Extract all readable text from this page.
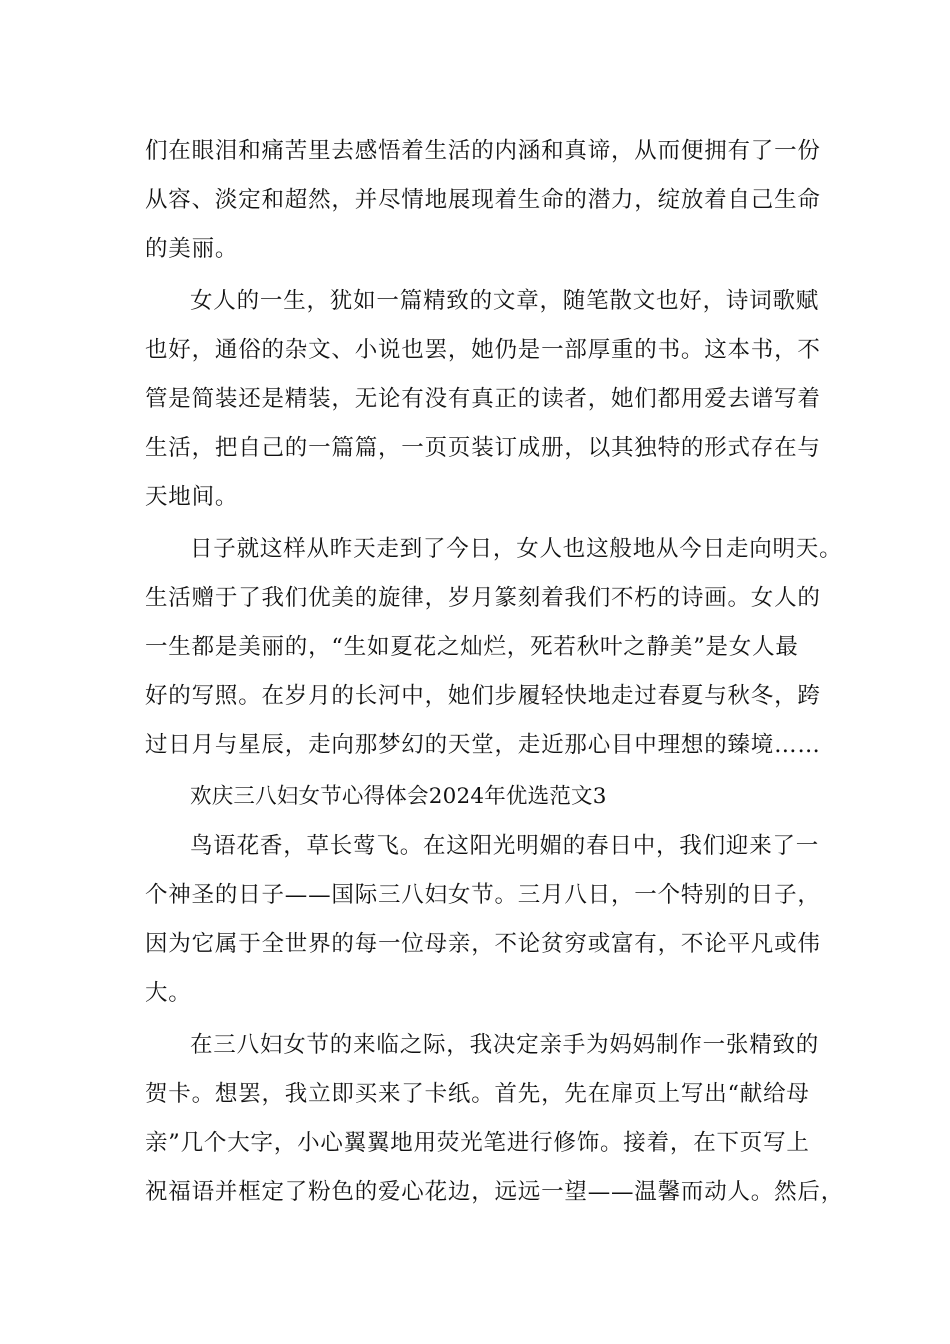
们在眼泪和痛苦里去感悟着生活的内涵和真谛，从而便拥有了一份
从容、淡定和超然，并尽情地展现着生命的潜力，绽放着自己生命
的美丽。
女人的一生，犹如一篇精致的文章，随笔散文也好，诗词歌赋
也好，通俗的杂文、小说也罢，她仍是一部厚重的书。这本书，不
管是简装还是精装，无论有没有真正的读者，她们都用爱去谱写着
生活，把自己的一篇篇，一页页装订成册，以其独特的形式存在与
天地间。
日子就这样从昨天走到了今日，女人也这般地从今日走向明天。
生活赠于了我们优美的旋律，岁月篆刻着我们不朽的诗画。女人的
一生都是美丽的，“生如夏花之灿烂，死若秋叶之静美”是女人最
好的写照。在岁月的长河中，她们步履轻快地走过春夏与秋冬，跨
过日月与星辰，走向那梦幻的天堂，走近那心目中理想的臻境……
欢庆三八妇女节心得体会2024年优选范文3
鸟语花香，草长莺飞。在这阳光明媚的春日中，我们迎来了一
个神圣的日子——国际三八妇女节。三月八日，一个特别的日子，
因为它属于全世界的每一位母亲，不论贫穷或富有，不论平凡或伟
大。
在三八妇女节的来临之际，我决定亲手为妈妈制作一张精致的
贺卡。想罢，我立即买来了卡纸。首先，先在扉页上写出“献给母
亲”几个大字，小心翼翼地用荧光笔进行修饰。接着，在下页写上
祝福语并框定了粉色的爱心花边，远远一望——温馨而动人。然后，
